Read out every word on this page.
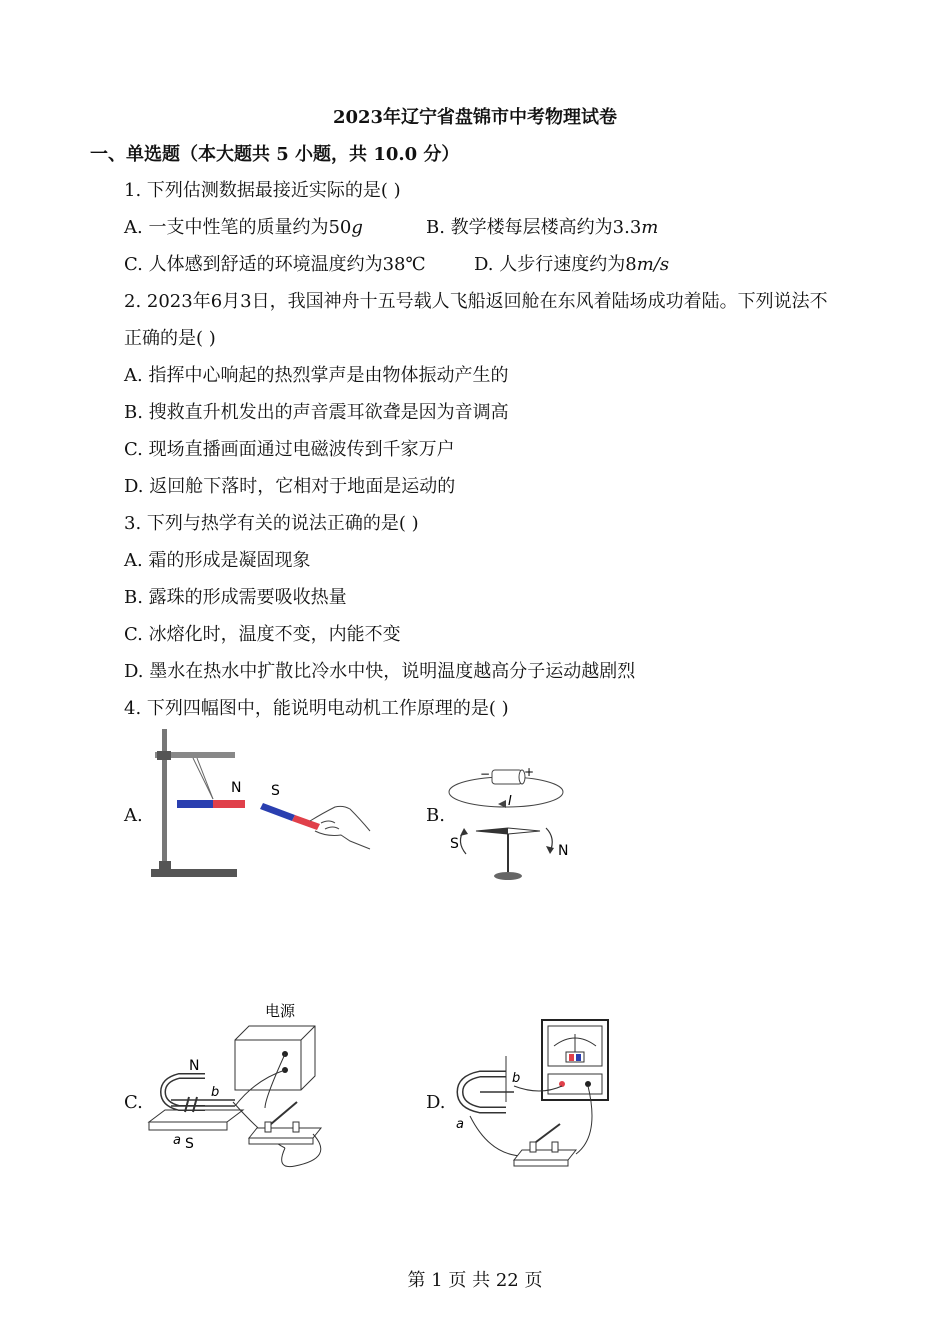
2023年辽宁省盘锦市中考物理试卷
一、单选题（本大题共 5 小题，共 10.0 分）
1. 下列估测数据最接近实际的是( )
A. 一支中性笔的质量约为50g	B. 教学楼每层楼高约为3.3m
C. 人体感到舒适的环境温度约为38℃	D. 人步行速度约为8m/s
2. 2023年6月3日，我国神舟十五号载人飞船返回舱在东风着陆场成功着陆。下列说法不
正确的是( )
A. 指挥中心响起的热烈掌声是由物体振动产生的
B. 搜救直升机发出的声音震耳欲聋是因为音调高
C. 现场直播画面通过电磁波传到千家万户
D. 返回舱下落时，它相对于地面是运动的
3. 下列与热学有关的说法正确的是( )
A. 霜的形成是凝固现象
B. 露珠的形成需要吸收热量
C. 冰熔化时，温度不变，内能不变
D. 墨水在热水中扩散比冷水中快，说明温度越高分子运动越剧烈
4. 下列四幅图中，能说明电动机工作原理的是( )
A.
N S
B.
−	+
I
S	N
C.
电源
N
S
a
b	D.
b
a
第 1 页 共 22 页
